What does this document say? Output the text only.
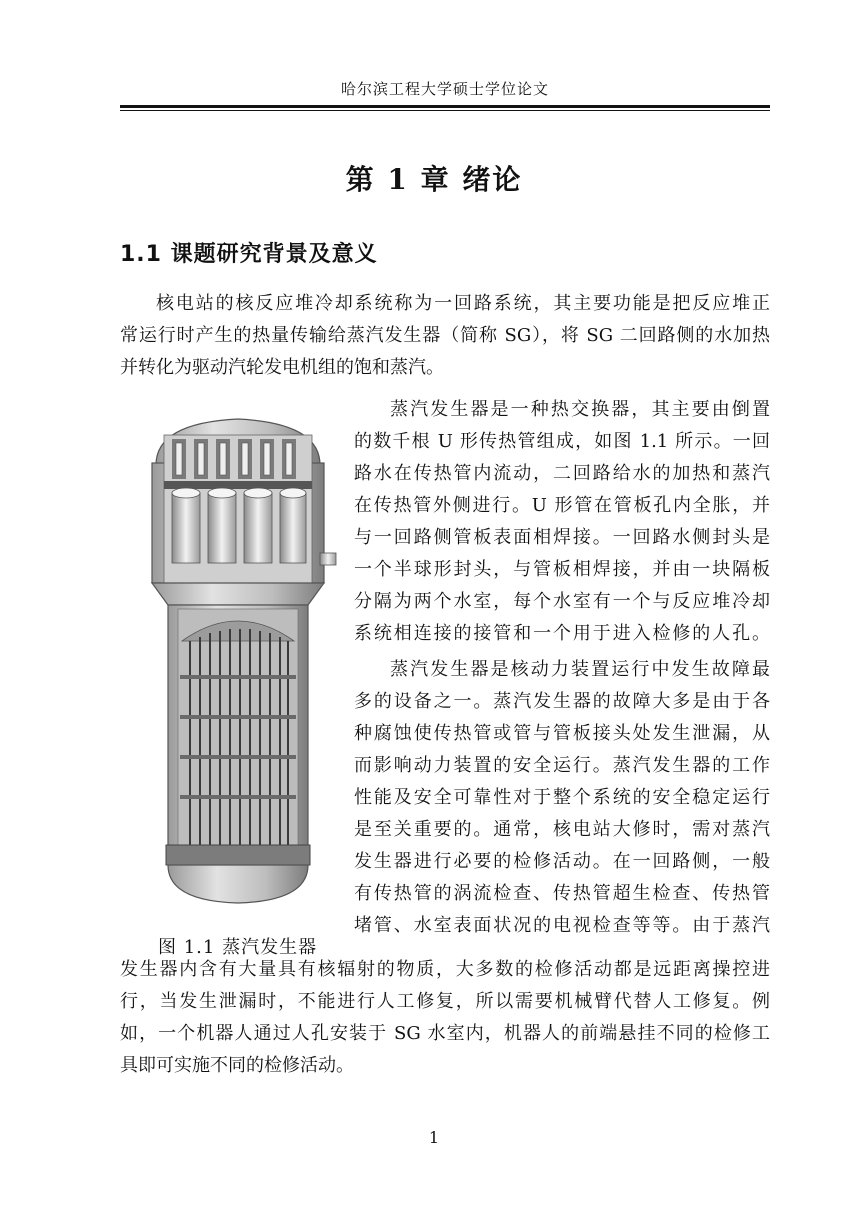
哈尔滨工程大学硕士学位论文
第 1 章 绪论
1.1 课题研究背景及意义
核电站的核反应堆冷却系统称为一回路系统，其主要功能是把反应堆正
常运行时产生的热量传输给蒸汽发生器（简称 SG），将 SG 二回路侧的水加热
并转化为驱动汽轮发电机组的饱和蒸汽。
蒸汽发生器是一种热交换器，其主要由倒置
的数千根 U 形传热管组成，如图 1.1 所示。一回
路水在传热管内流动，二回路给水的加热和蒸汽
在传热管外侧进行。U 形管在管板孔内全胀，并
与一回路侧管板表面相焊接。一回路水侧封头是
一个半球形封头，与管板相焊接，并由一块隔板
分隔为两个水室，每个水室有一个与反应堆冷却
系统相连接的接管和一个用于进入检修的人孔。
蒸汽发生器是核动力装置运行中发生故障最
多的设备之一。蒸汽发生器的故障大多是由于各
种腐蚀使传热管或管与管板接头处发生泄漏，从
而影响动力装置的安全运行。蒸汽发生器的工作
性能及安全可靠性对于整个系统的安全稳定运行
是至关重要的。通常，核电站大修时，需对蒸汽
发生器进行必要的检修活动。在一回路侧，一般
有传热管的涡流检查、传热管超生检查、传热管
堵管、水室表面状况的电视检查等等。由于蒸汽
发生器内含有大量具有核辐射的物质，大多数的检修活动都是远距离操控进
行，当发生泄漏时，不能进行人工修复，所以需要机械臂代替人工修复。例
如，一个机器人通过人孔安装于 SG 水室内，机器人的前端悬挂不同的检修工
具即可实施不同的检修活动。
图 1.1 蒸汽发生器
1
